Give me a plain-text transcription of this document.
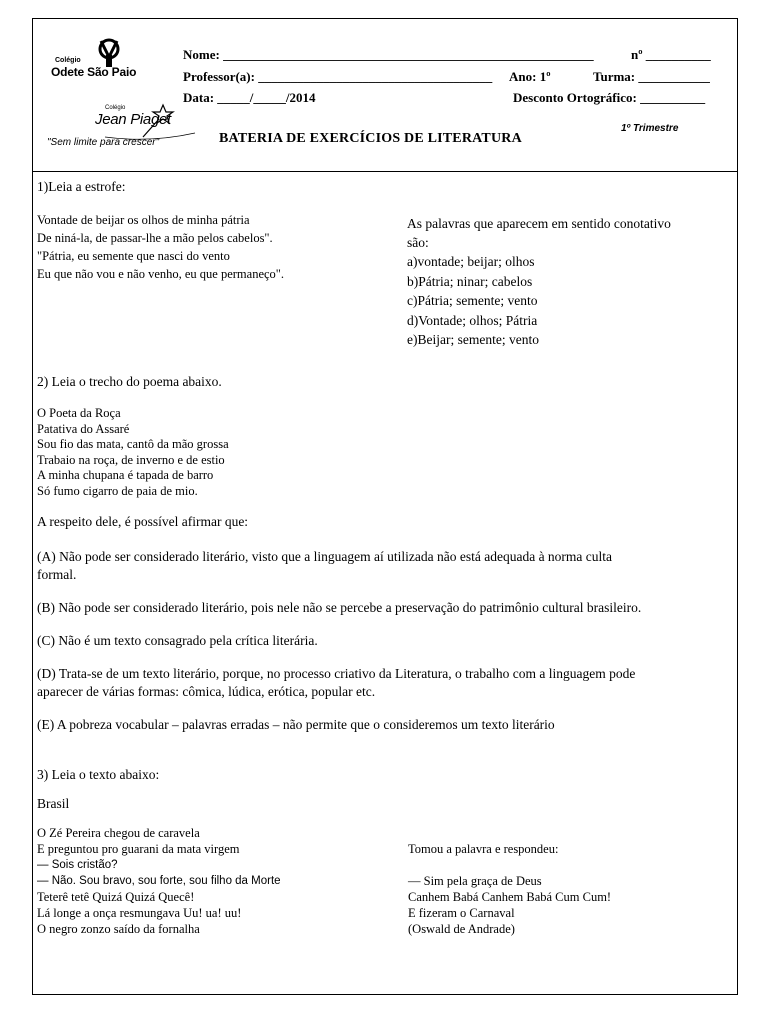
Colégio
Odete São Paio
Colégio
Jean Piaget
"Sem limite para crescer"
Nome: _________________________________________________________	nº __________
Professor(a): ____________________________________ Ano: 1º	Turma: ___________
Data: _____/_____/2014	Desconto Ortográfico: __________
BATERIA DE EXERCÍCIOS DE LITERATURA
1º Trimestre
1)Leia a estrofe:
Vontade de beijar os olhos de minha pátria
De niná-la, de passar-lhe a mão pelos cabelos".
"Pátria, eu semente que nasci do vento
Eu que não vou e não venho, eu que permaneço".
As palavras que aparecem em sentido conotativo
são:
a)vontade; beijar; olhos
b)Pátria; ninar; cabelos
c)Pátria; semente; vento
d)Vontade; olhos; Pátria
e)Beijar; semente; vento
2) Leia o trecho do poema abaixo.
O Poeta da Roça
Patativa do Assaré
Sou fio das mata, cantô da mão grossa
Trabaio na roça, de inverno e de estio
A minha chupana é tapada de barro
Só fumo cigarro de paia de mio.
A respeito dele, é possível afirmar que:
(A) Não pode ser considerado literário, visto que a linguagem aí utilizada não está adequada à norma culta
formal.
(B) Não pode ser considerado literário, pois nele não se percebe a preservação do patrimônio cultural brasileiro.
(C) Não é um texto consagrado pela crítica literária.
(D) Trata-se de um texto literário, porque, no processo criativo da Literatura, o trabalho com a linguagem pode
aparecer de várias formas: cômica, lúdica, erótica, popular etc.
(E) A pobreza vocabular – palavras erradas – não permite que o consideremos um texto literário
3) Leia o texto abaixo:
Brasil
O Zé Pereira chegou de caravela
E preguntou pro guarani da mata virgem
— Sois cristão?
— Não. Sou bravo, sou forte, sou filho da Morte
Teterê tetê Quizá Quizá Quecê!
Lá longe a onça resmungava Uu! ua! uu!
O negro zonzo saído da fornalha
Tomou a palavra e respondeu:
— Sim pela graça de Deus
Canhem Babá Canhem Babá Cum Cum!
E fizeram o Carnaval
(Oswald de Andrade)
